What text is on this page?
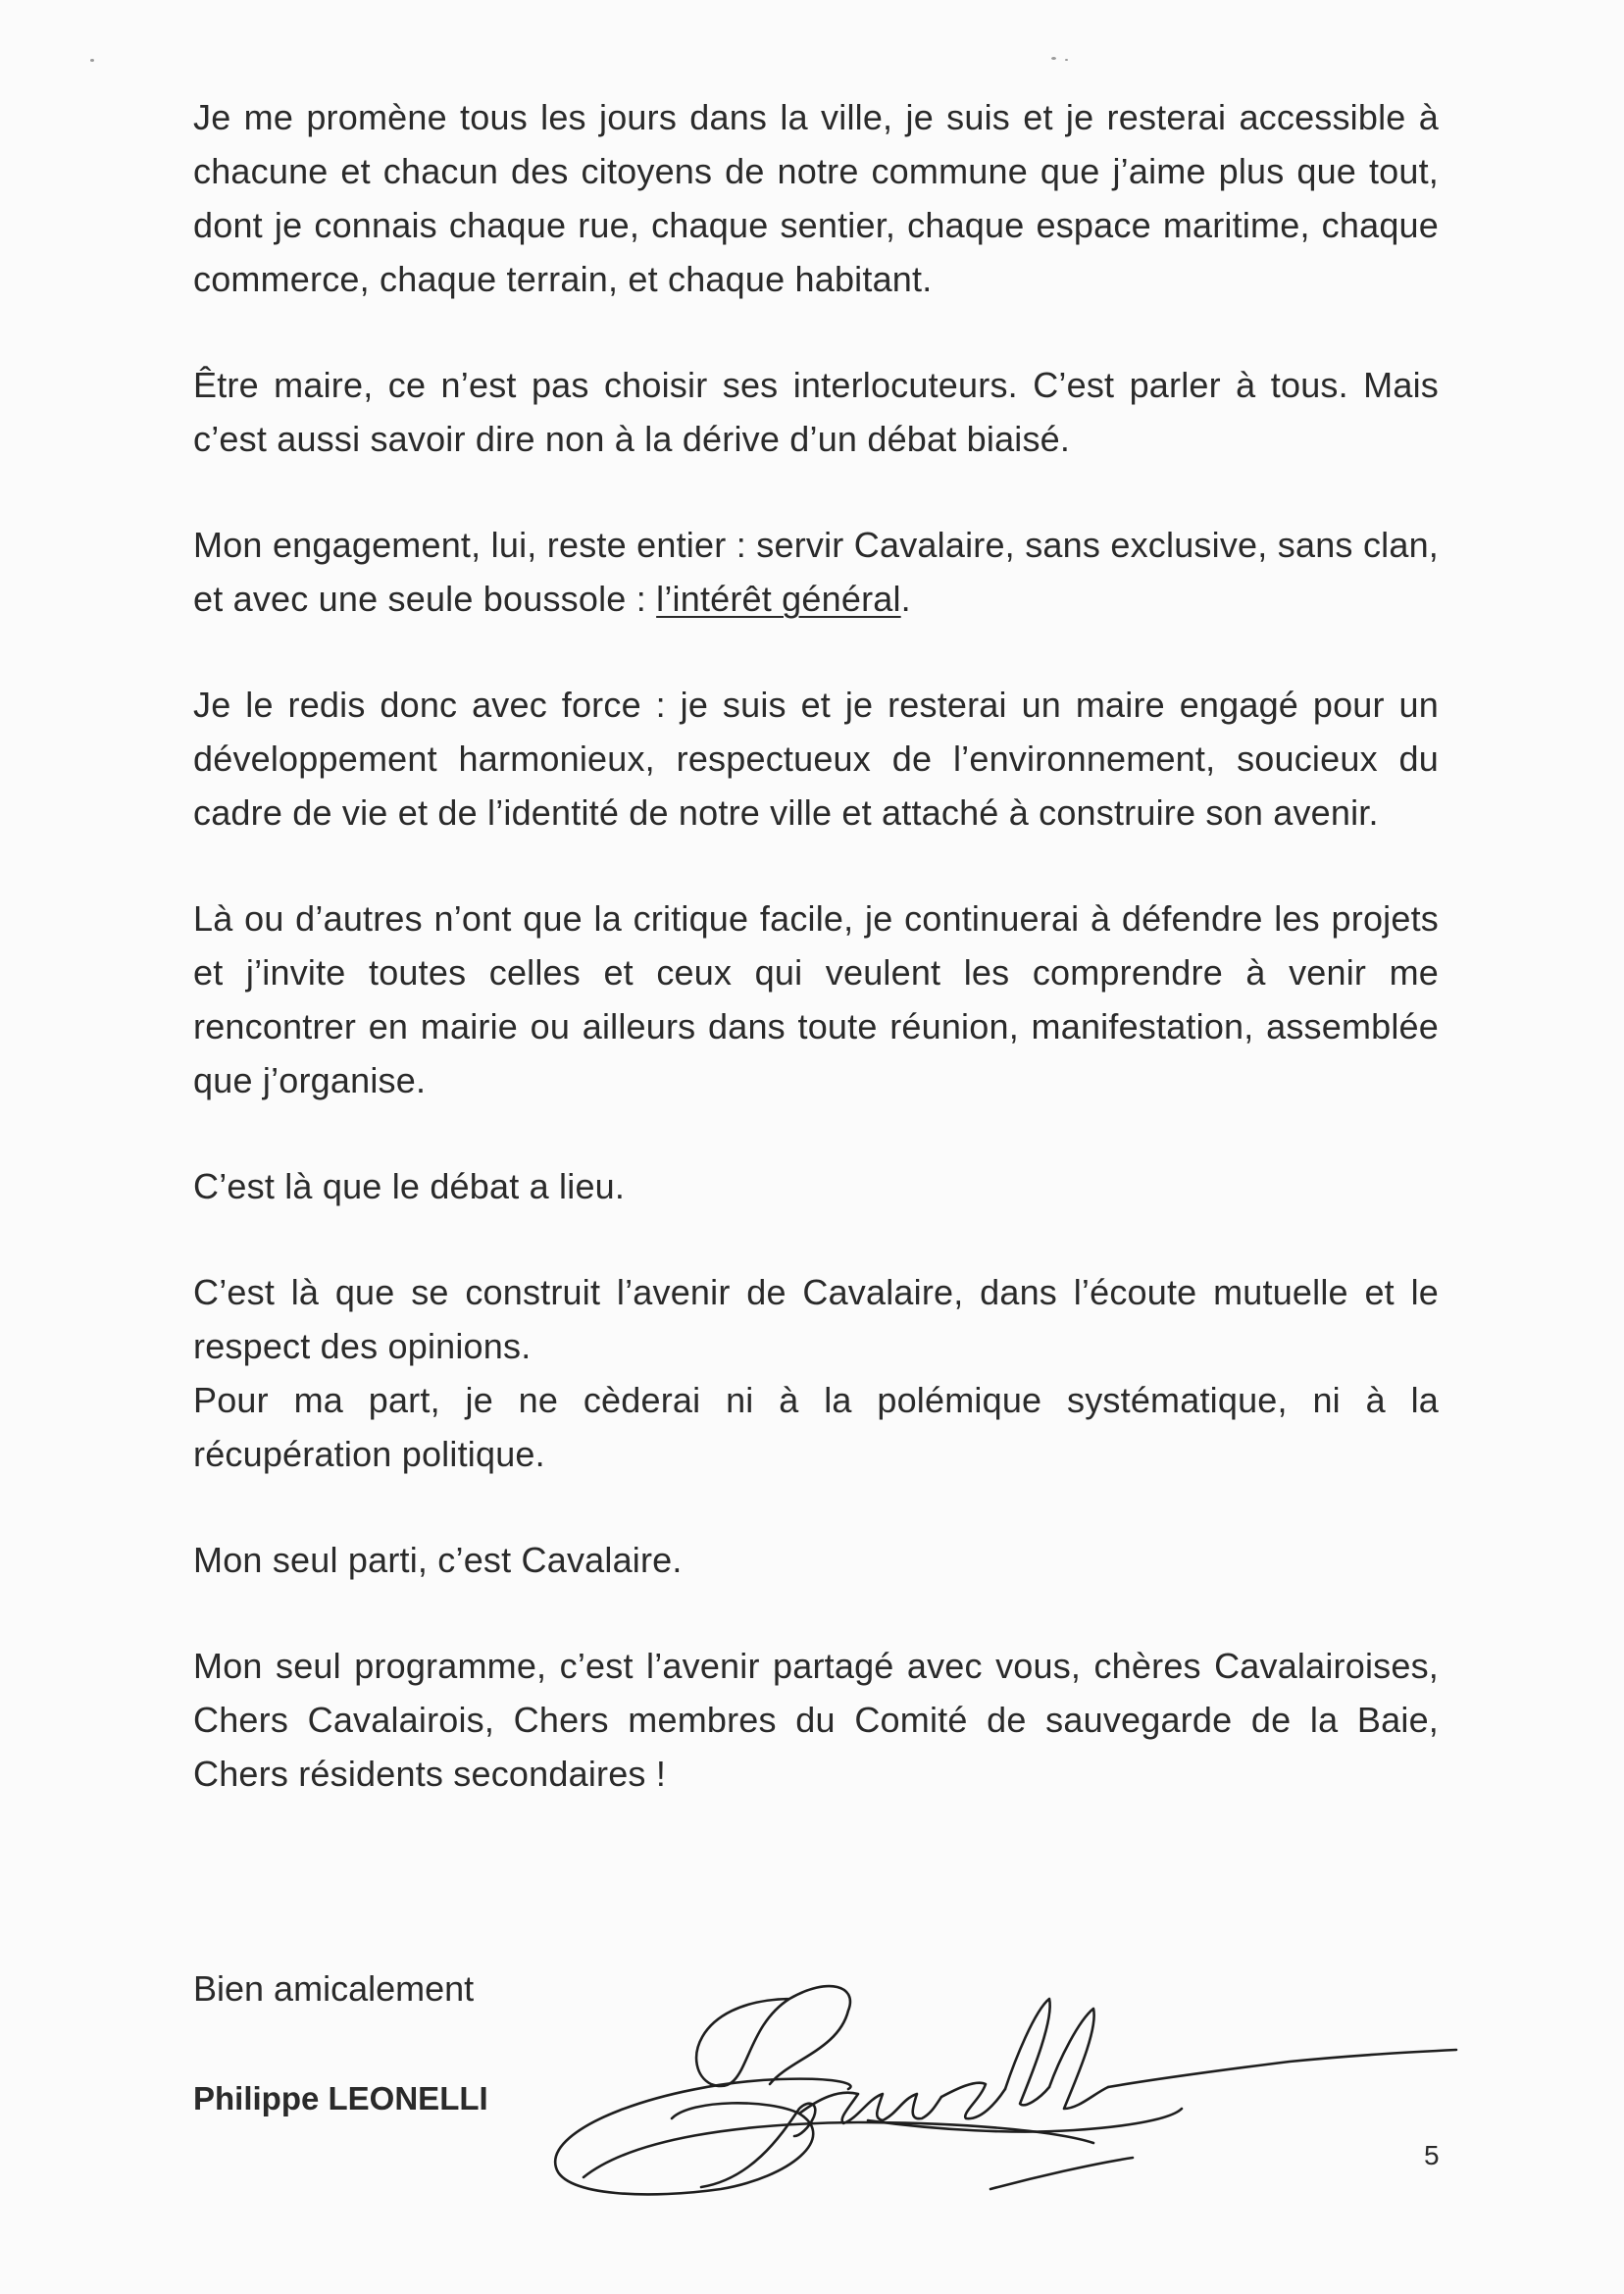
Je me promène tous les jours dans la ville, je suis et je resterai accessible à chacune et chacun des citoyens de notre commune que j’aime plus que tout, dont je connais chaque rue, chaque sentier, chaque espace maritime, chaque commerce, chaque terrain, et chaque habitant.

Être maire, ce n’est pas choisir ses interlocuteurs. C’est parler à tous. Mais c’est aussi savoir dire non à la dérive d’un débat biaisé.

Mon engagement, lui, reste entier : servir Cavalaire, sans exclusive, sans clan, et avec une seule boussole : l’intérêt général.

Je le redis donc avec force : je suis et je resterai un maire engagé pour un développement harmonieux, respectueux de l’environnement, soucieux du cadre de vie et de l’identité de notre ville et attaché à construire son avenir.

Là ou d’autres n’ont que la critique facile, je continuerai à défendre les projets et j’invite toutes celles et ceux qui veulent les comprendre à venir me rencontrer en mairie ou ailleurs dans toute réunion, manifestation, assemblée que j’organise.

C’est là que le débat a lieu.

C’est là que se construit l’avenir de Cavalaire, dans l’écoute mutuelle et le respect des opinions.
Pour ma part, je ne cèderai ni à la polémique systématique, ni à la récupération politique.

Mon seul parti, c’est Cavalaire.

Mon seul programme, c’est l’avenir partagé avec vous, chères Cavalairoises, Chers Cavalairois, Chers membres du Comité de sauvegarde de la Baie, Chers résidents secondaires !

Bien amicalement
Philippe LEONELLI
5
